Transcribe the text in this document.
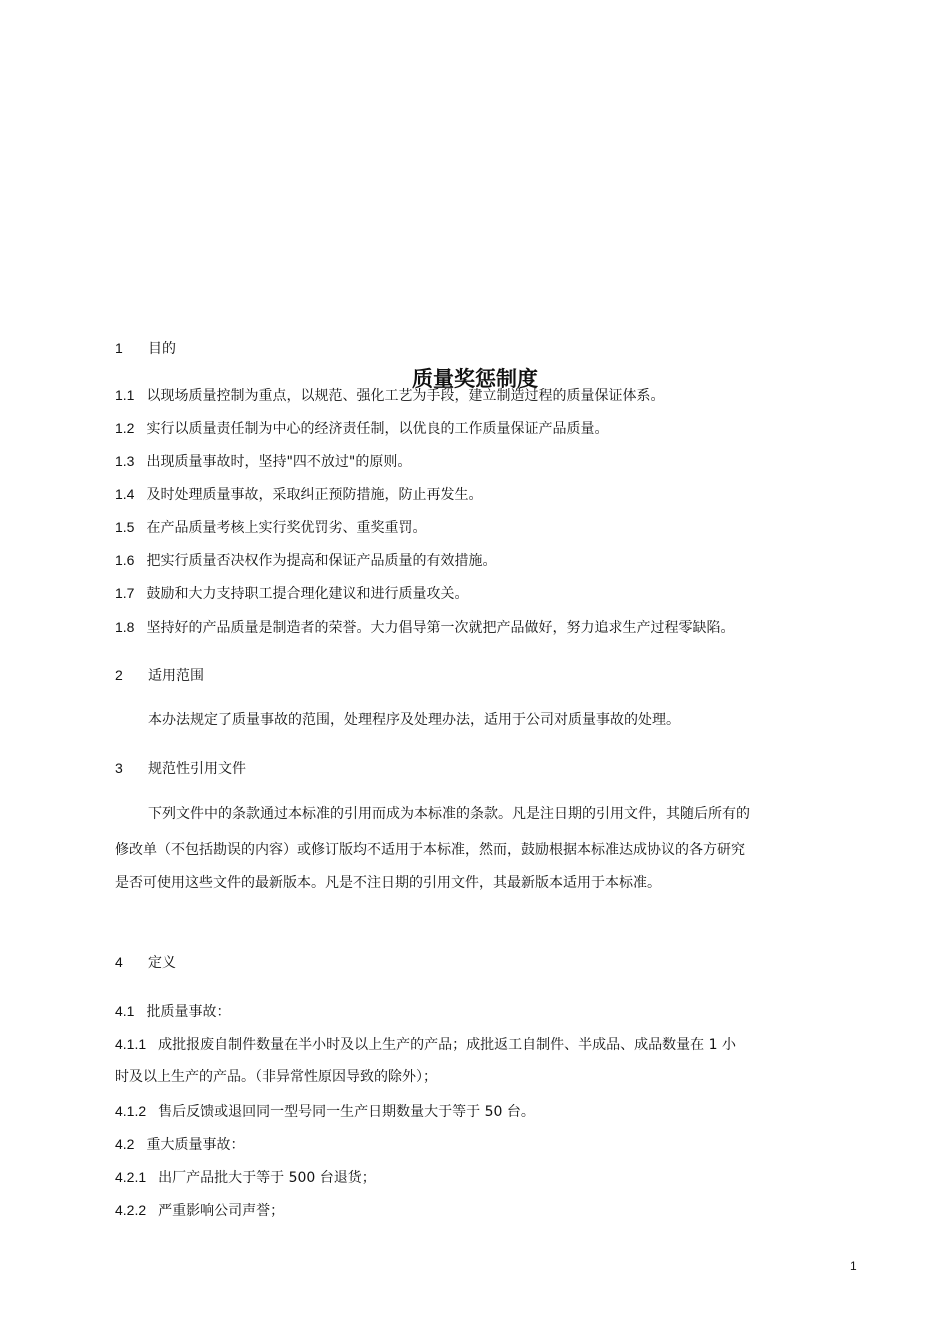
1 目的
1.1 以现场质量控制为重点，以规范、强化工艺为手段，建立制造过程的质量保证体系。
质量奖惩制度
1.2 实行以质量责任制为中心的经济责任制，以优良的工作质量保证产品质量。
1.3 出现质量事故时，坚持"四不放过"的原则。
1.4 及时处理质量事故，采取纠正预防措施，防止再发生。
1.5 在产品质量考核上实行奖优罚劣、重奖重罚。
1.6 把实行质量否决权作为提高和保证产品质量的有效措施。
1.7 鼓励和大力支持职工提合理化建议和进行质量攻关。
1.8 坚持好的产品质量是制造者的荣誉。大力倡导第一次就把产品做好，努力追求生产过程零缺陷。
2 适用范围
本办法规定了质量事故的范围，处理程序及处理办法，适用于公司对质量事故的处理。
3 规范性引用文件
下列文件中的条款通过本标准的引用而成为本标准的条款。凡是注日期的引用文件，其随后所有的
修改单（不包括勘误的内容）或修订版均不适用于本标准，然而，鼓励根据本标准达成协议的各方研究
是否可使用这些文件的最新版本。凡是不注日期的引用文件，其最新版本适用于本标准。
4 定义
4.1 批质量事故：
4.1.1 成批报废自制件数量在半小时及以上生产的产品；成批返工自制件、半成品、成品数量在 1 小
时及以上生产的产品。（非异常性原因导致的除外）；
4.1.2 售后反馈或退回同一型号同一生产日期数量大于等于 50 台。
4.2 重大质量事故：
4.2.1 出厂产品批大于等于 500 台退货；
4.2.2 严重影响公司声誉；
1
